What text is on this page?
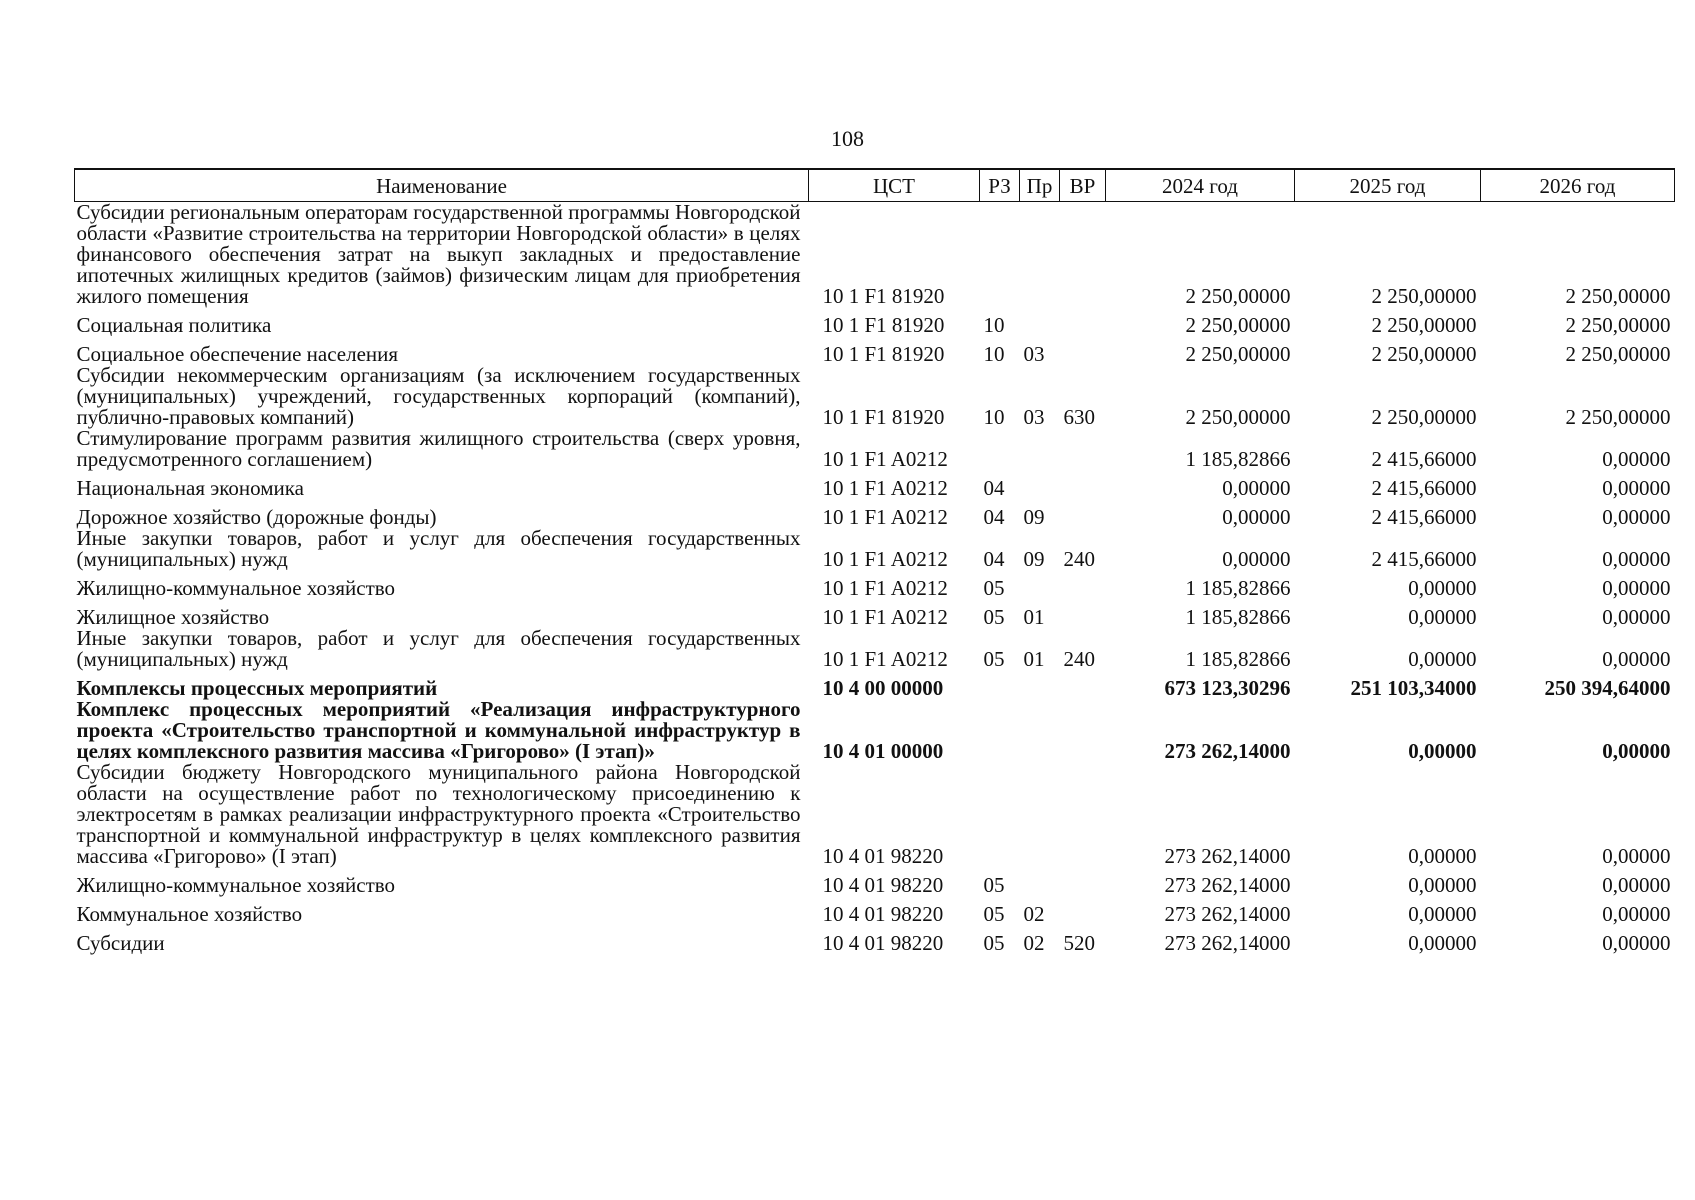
108
Наименование	ЦСТ	РЗ	Пр	ВР	2024 год	2025 год	2026 год

Субсидии региональным операторам государственной программы Новгородской области «Развитие строительства на территории Новгородской области» в целях финансового обеспечения затрат на выкуп закладных и предоставление ипотечных жилищных кредитов (займов) физическим лицам для приобретения жилого помещения	10 1 F1 81920				2 250,00000	2 250,00000	2 250,00000

Социальная политика	10 1 F1 81920	10			2 250,00000	2 250,00000	2 250,00000

Социальное обеспечение населения	10 1 F1 81920	10	03		2 250,00000	2 250,00000	2 250,00000

Субсидии некоммерческим организациям (за исключением государственных (муниципальных) учреждений, государственных корпораций (компаний), публично-правовых компаний)	10 1 F1 81920	10	03	630	2 250,00000	2 250,00000	2 250,00000

Стимулирование программ развития жилищного строительства (сверх уровня, предусмотренного соглашением)	10 1 F1 A0212				1 185,82866	2 415,66000	0,00000

Национальная экономика	10 1 F1 A0212	04			0,00000	2 415,66000	0,00000

Дорожное хозяйство (дорожные фонды)	10 1 F1 A0212	04	09		0,00000	2 415,66000	0,00000

Иные закупки товаров, работ и услуг для обеспечения государственных (муниципальных) нужд	10 1 F1 A0212	04	09	240	0,00000	2 415,66000	0,00000

Жилищно-коммунальное хозяйство	10 1 F1 A0212	05			1 185,82866	0,00000	0,00000

Жилищное хозяйство	10 1 F1 A0212	05	01		1 185,82866	0,00000	0,00000

Иные закупки товаров, работ и услуг для обеспечения государственных (муниципальных) нужд	10 1 F1 A0212	05	01	240	1 185,82866	0,00000	0,00000

Комплексы процессных мероприятий	10 4 00 00000				673 123,30296	251 103,34000	250 394,64000

Комплекс процессных мероприятий «Реализация инфраструктурного проекта «Строительство транспортной и коммунальной инфраструктур в целях комплексного развития массива «Григорово» (I этап)»	10 4 01 00000				273 262,14000	0,00000	0,00000

Субсидии бюджету Новгородского муниципального района Новгородской области на осуществление работ по технологическому присоединению к электросетям в рамках реализации инфраструктурного проекта «Строительство транспортной и коммунальной инфраструктур в целях комплексного развития массива «Григорово» (I этап)	10 4 01 98220				273 262,14000	0,00000	0,00000

Жилищно-коммунальное хозяйство	10 4 01 98220	05			273 262,14000	0,00000	0,00000

Коммунальное хозяйство	10 4 01 98220	05	02		273 262,14000	0,00000	0,00000

Субсидии	10 4 01 98220	05	02	520	273 262,14000	0,00000	0,00000
